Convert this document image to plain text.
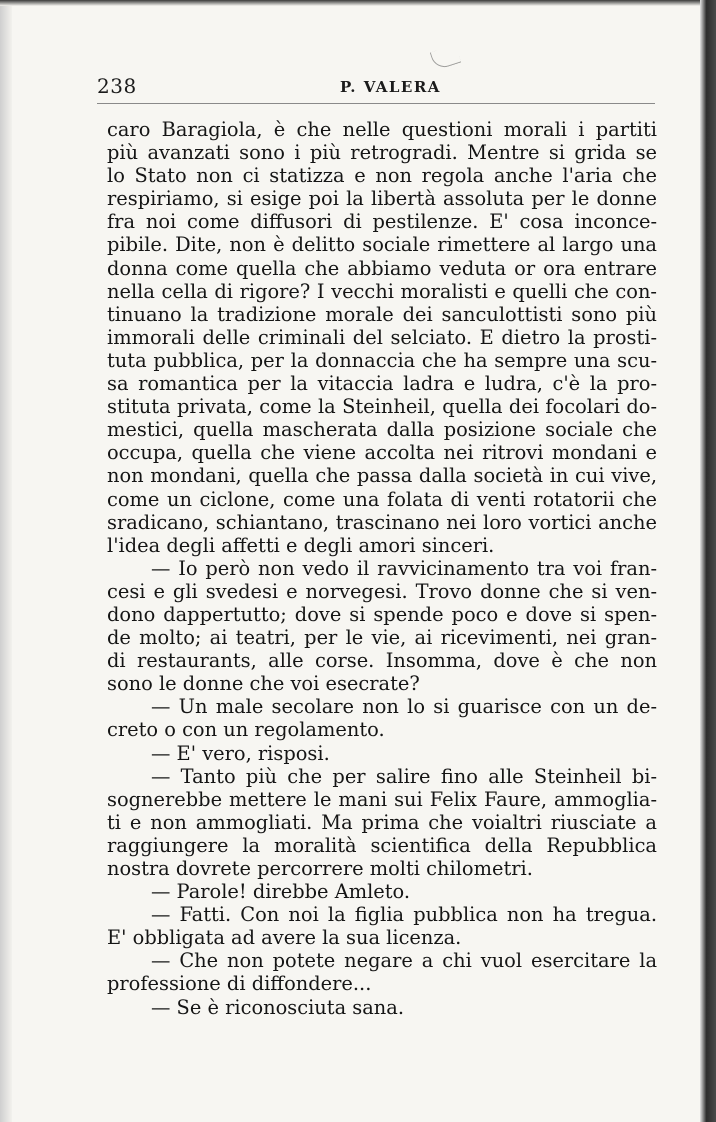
238	P. VALERA
caro Baragiola, è che nelle questioni morali i partiti
più avanzati sono i più retrogradi. Mentre si grida se
lo Stato non ci statizza e non regola anche l'aria che
respiriamo, si esige poi la libertà assoluta per le donne
fra noi come diffusori di pestilenze. E' cosa inconce-
pibile. Dite, non è delitto sociale rimettere al largo una
donna come quella che abbiamo veduta or ora entrare
nella cella di rigore? I vecchi moralisti e quelli che con-
tinuano la tradizione morale dei sanculottisti sono più
immorali delle criminali del selciato. E dietro la prosti-
tuta pubblica, per la donnaccia che ha sempre una scu-
sa romantica per la vitaccia ladra e ludra, c'è la pro-
stituta privata, come la Steinheil, quella dei focolari do-
mestici, quella mascherata dalla posizione sociale che
occupa, quella che viene accolta nei ritrovi mondani e
non mondani, quella che passa dalla società in cui vive,
come un ciclone, come una folata di venti rotatorii che
sradicano, schiantano, trascinano nei loro vortici anche
l'idea degli affetti e degli amori sinceri.
— Io però non vedo il ravvicinamento tra voi fran-
cesi e gli svedesi e norvegesi. Trovo donne che si ven-
dono dappertutto; dove si spende poco e dove si spen-
de molto; ai teatri, per le vie, ai ricevimenti, nei gran-
di restaurants, alle corse. Insomma, dove è che non
sono le donne che voi esecrate?
— Un male secolare non lo si guarisce con un de-
creto o con un regolamento.
— E' vero, risposi.
— Tanto più che per salire fino alle Steinheil bi-
sognerebbe mettere le mani sui Felix Faure, ammoglia-
ti e non ammogliati. Ma prima che voialtri riusciate a
raggiungere la moralità scientifica della Repubblica
nostra dovrete percorrere molti chilometri.
— Parole! direbbe Amleto.
— Fatti. Con noi la figlia pubblica non ha tregua.
E' obbligata ad avere la sua licenza.
— Che non potete negare a chi vuol esercitare la
professione di diffondere...
— Se è riconosciuta sana.
